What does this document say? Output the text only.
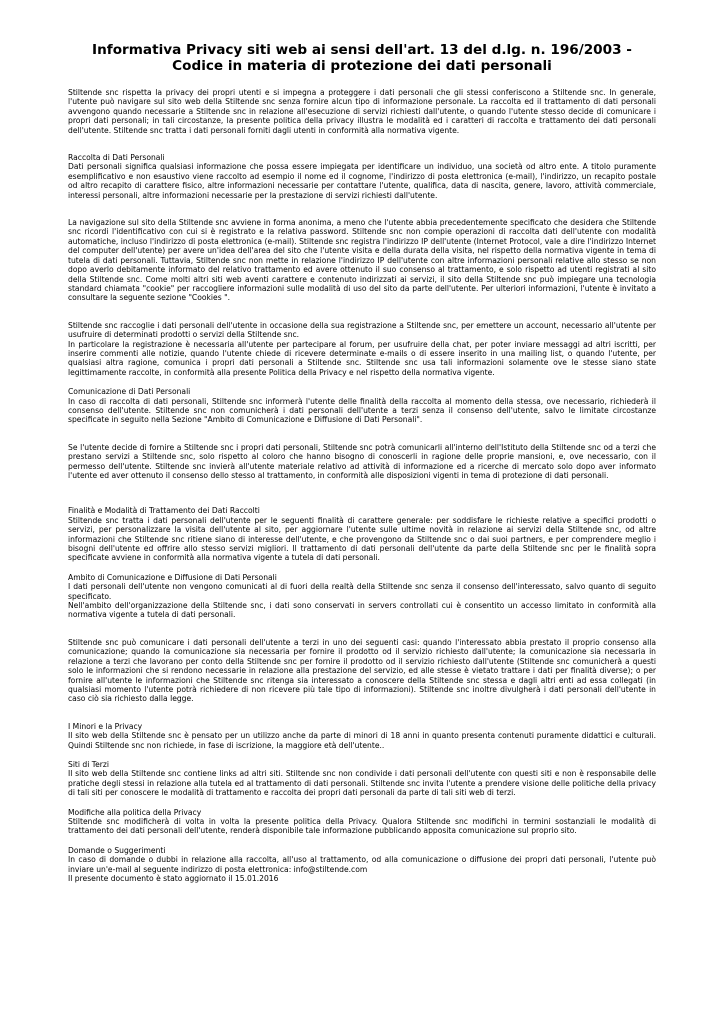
Informativa Privacy siti web ai sensi dell'art. 13 del d.lg. n. 196/2003 - Codice in materia di protezione dei dati personali

Stiltende snc rispetta la privacy dei propri utenti e si impegna a proteggere i dati personali che gli stessi conferiscono a Stiltende snc. In generale, l'utente può navigare sul sito web della Stiltende snc senza fornire alcun tipo di informazione personale. La raccolta ed il trattamento di dati personali avvengono quando necessarie a Stiltende snc in relazione all'esecuzione di servizi richiesti dall'utente, o quando l'utente stesso decide di comunicare i propri dati personali; in tali circostanze, la presente politica della privacy illustra le modalità ed i caratteri di raccolta e trattamento dei dati personali dell'utente. Stiltende snc tratta i dati personali forniti dagli utenti in conformità alla normativa vigente.

Raccolta di Dati Personali

Dati personali significa qualsiasi informazione che possa essere impiegata per identificare un individuo, una società od altro ente. A titolo puramente esemplificativo e non esaustivo viene raccolto ad esempio il nome ed il cognome, l'indirizzo di posta elettronica (e-mail), l'indirizzo, un recapito postale od altro recapito di carattere fisico, altre informazioni necessarie per contattare l'utente, qualifica, data di nascita, genere, lavoro, attività commerciale, interessi personali, altre informazioni necessarie per la prestazione di servizi richiesti dall'utente.

La navigazione sul sito della Stiltende snc avviene in forma anonima, a meno che l'utente abbia precedentemente specificato che desidera che Stiltende snc ricordi l'identificativo con cui si è registrato e la relativa password. Stiltende snc non compie operazioni di raccolta dati dell'utente con modalità automatiche, incluso l'indirizzo di posta elettronica (e-mail). Stiltende snc registra l'indirizzo IP dell'utente (Internet Protocol, vale a dire l'indirizzo Internet del computer dell'utente) per avere un'idea dell'area del sito che l'utente visita e della durata della visita, nel rispetto della normativa vigente in tema di tutela di dati personali. Tuttavia, Stiltende snc non mette in relazione l'indirizzo IP dell'utente con altre informazioni personali relative allo stesso se non dopo averlo debitamente informato del relativo trattamento ed avere ottenuto il suo consenso al trattamento, e solo rispetto ad utenti registrati al sito della Stiltende snc. Come molti altri siti web aventi carattere e contenuto indirizzati ai servizi, il sito della Stiltende snc può impiegare una tecnologia standard chiamata "cookie" per raccogliere informazioni sulle modalità di uso del sito da parte dell'utente. Per ulteriori informazioni, l'utente è invitato a consultare la seguente sezione "Cookies ".

Stiltende snc raccoglie i dati personali dell'utente in occasione della sua registrazione a Stiltende snc, per emettere un account, necessario all'utente per usufruire di determinati prodotti o servizi della Stiltende snc.

In particolare la registrazione è necessaria all'utente per partecipare al forum, per usufruire della chat, per poter inviare messaggi ad altri iscritti, per inserire commenti alle notizie, quando l'utente chiede di ricevere determinate e-mails o di essere inserito in una mailing list, o quando l'utente, per qualsiasi altra ragione, comunica i propri dati personali a Stiltende snc. Stiltende snc usa tali informazioni solamente ove le stesse siano state legittimamente raccolte, in conformità alla presente Politica della Privacy e nel rispetto della normativa vigente.

Comunicazione di Dati Personali

In caso di raccolta di dati personali, Stiltende snc informerà l'utente delle finalità della raccolta al momento della stessa, ove necessario, richiederà il consenso dell'utente. Stiltende snc non comunicherà i dati personali dell'utente a terzi senza il consenso dell'utente, salvo le limitate circostanze specificate in seguito nella Sezione "Ambito di Comunicazione e Diffusione di Dati Personali".

Se l'utente decide di fornire a Stiltende snc i propri dati personali, Stiltende snc potrà comunicarli all'interno dell'Istituto della Stiltende snc od a terzi che prestano servizi a Stiltende snc, solo rispetto al coloro che hanno bisogno di conoscerli in ragione delle proprie mansioni, e, ove necessario, con il permesso dell'utente. Stiltende snc invierà all'utente materiale relativo ad attività di informazione ed a ricerche di mercato solo dopo aver informato l'utente ed aver ottenuto il consenso dello stesso al trattamento, in conformità alle disposizioni vigenti in tema di protezione di dati personali.

Finalità e Modalità di Trattamento dei Dati Raccolti

Stiltende snc tratta i dati personali dell'utente per le seguenti finalità di carattere generale: per soddisfare le richieste relative a specifici prodotti o servizi, per personalizzare la visita dell'utente al sito, per aggiornare l'utente sulle ultime novità in relazione ai servizi della Stiltende snc, od altre informazioni che Stiltende snc ritiene siano di interesse dell'utente, e che provengono da Stiltende snc o dai suoi partners, e per comprendere meglio i bisogni dell'utente ed offrire allo stesso servizi migliori. Il trattamento di dati personali dell'utente da parte della Stiltende snc per le finalità sopra specificate avviene in conformità alla normativa vigente a tutela di dati personali.

Ambito di Comunicazione e Diffusione di Dati Personali

I dati personali dell'utente non vengono comunicati al di fuori della realtà della Stiltende snc senza il consenso dell'interessato, salvo quanto di seguito specificato.

Nell'ambito dell'organizzazione della Stiltende snc, i dati sono conservati in servers controllati cui è consentito un accesso limitato in conformità alla normativa vigente a tutela di dati personali.

Stiltende snc può comunicare i dati personali dell'utente a terzi in uno dei seguenti casi: quando l'interessato abbia prestato il proprio consenso alla comunicazione; quando la comunicazione sia necessaria per fornire il prodotto od il servizio richiesto dall'utente; la comunicazione sia necessaria in relazione a terzi che lavorano per conto della Stiltende snc per fornire il prodotto od il servizio richiesto dall'utente (Stiltende snc comunicherà a questi solo le informazioni che si rendono necessarie in relazione alla prestazione del servizio, ed alle stesse è vietato trattare i dati per finalità diverse); o per fornire all'utente le informazioni che Stiltende snc ritenga sia interessato a conoscere della Stiltende snc stessa e dagli altri enti ad essa collegati (in qualsiasi momento l'utente potrà richiedere di non ricevere più tale tipo di informazioni). Stiltende snc inoltre divulgherà i dati personali dell'utente in caso ciò sia richiesto dalla legge.

I Minori e la Privacy

Il sito web della Stiltende snc è pensato per un utilizzo anche da parte di minori di 18 anni in quanto presenta contenuti puramente didattici e culturali. Quindi Stiltende snc non richiede, in fase di iscrizione, la maggiore età dell'utente..

Siti di Terzi

Il sito web della Stiltende snc contiene links ad altri siti. Stiltende snc non condivide i dati personali dell'utente con questi siti e non è responsabile delle pratiche degli stessi in relazione alla tutela ed al trattamento di dati personali. Stiltende snc invita l'utente a prendere visione delle politiche della privacy di tali siti per conoscere le modalità di trattamento e raccolta dei propri dati personali da parte di tali siti web di terzi.

Modifiche alla politica della Privacy

Stiltende snc modificherà di volta in volta la presente politica della Privacy. Qualora Stiltende snc modifichi in termini sostanziali le modalità di trattamento dei dati personali dell'utente, renderà disponibile tale informazione pubblicando apposita comunicazione sul proprio sito.

Domande o Suggerimenti

In caso di domande o dubbi in relazione alla raccolta, all'uso al trattamento, od alla comunicazione o diffusione dei propri dati personali, l'utente può inviare un'e-mail al seguente indirizzo di posta elettronica: info@stiltende.com

Il presente documento è stato aggiornato il 15.01.2016
